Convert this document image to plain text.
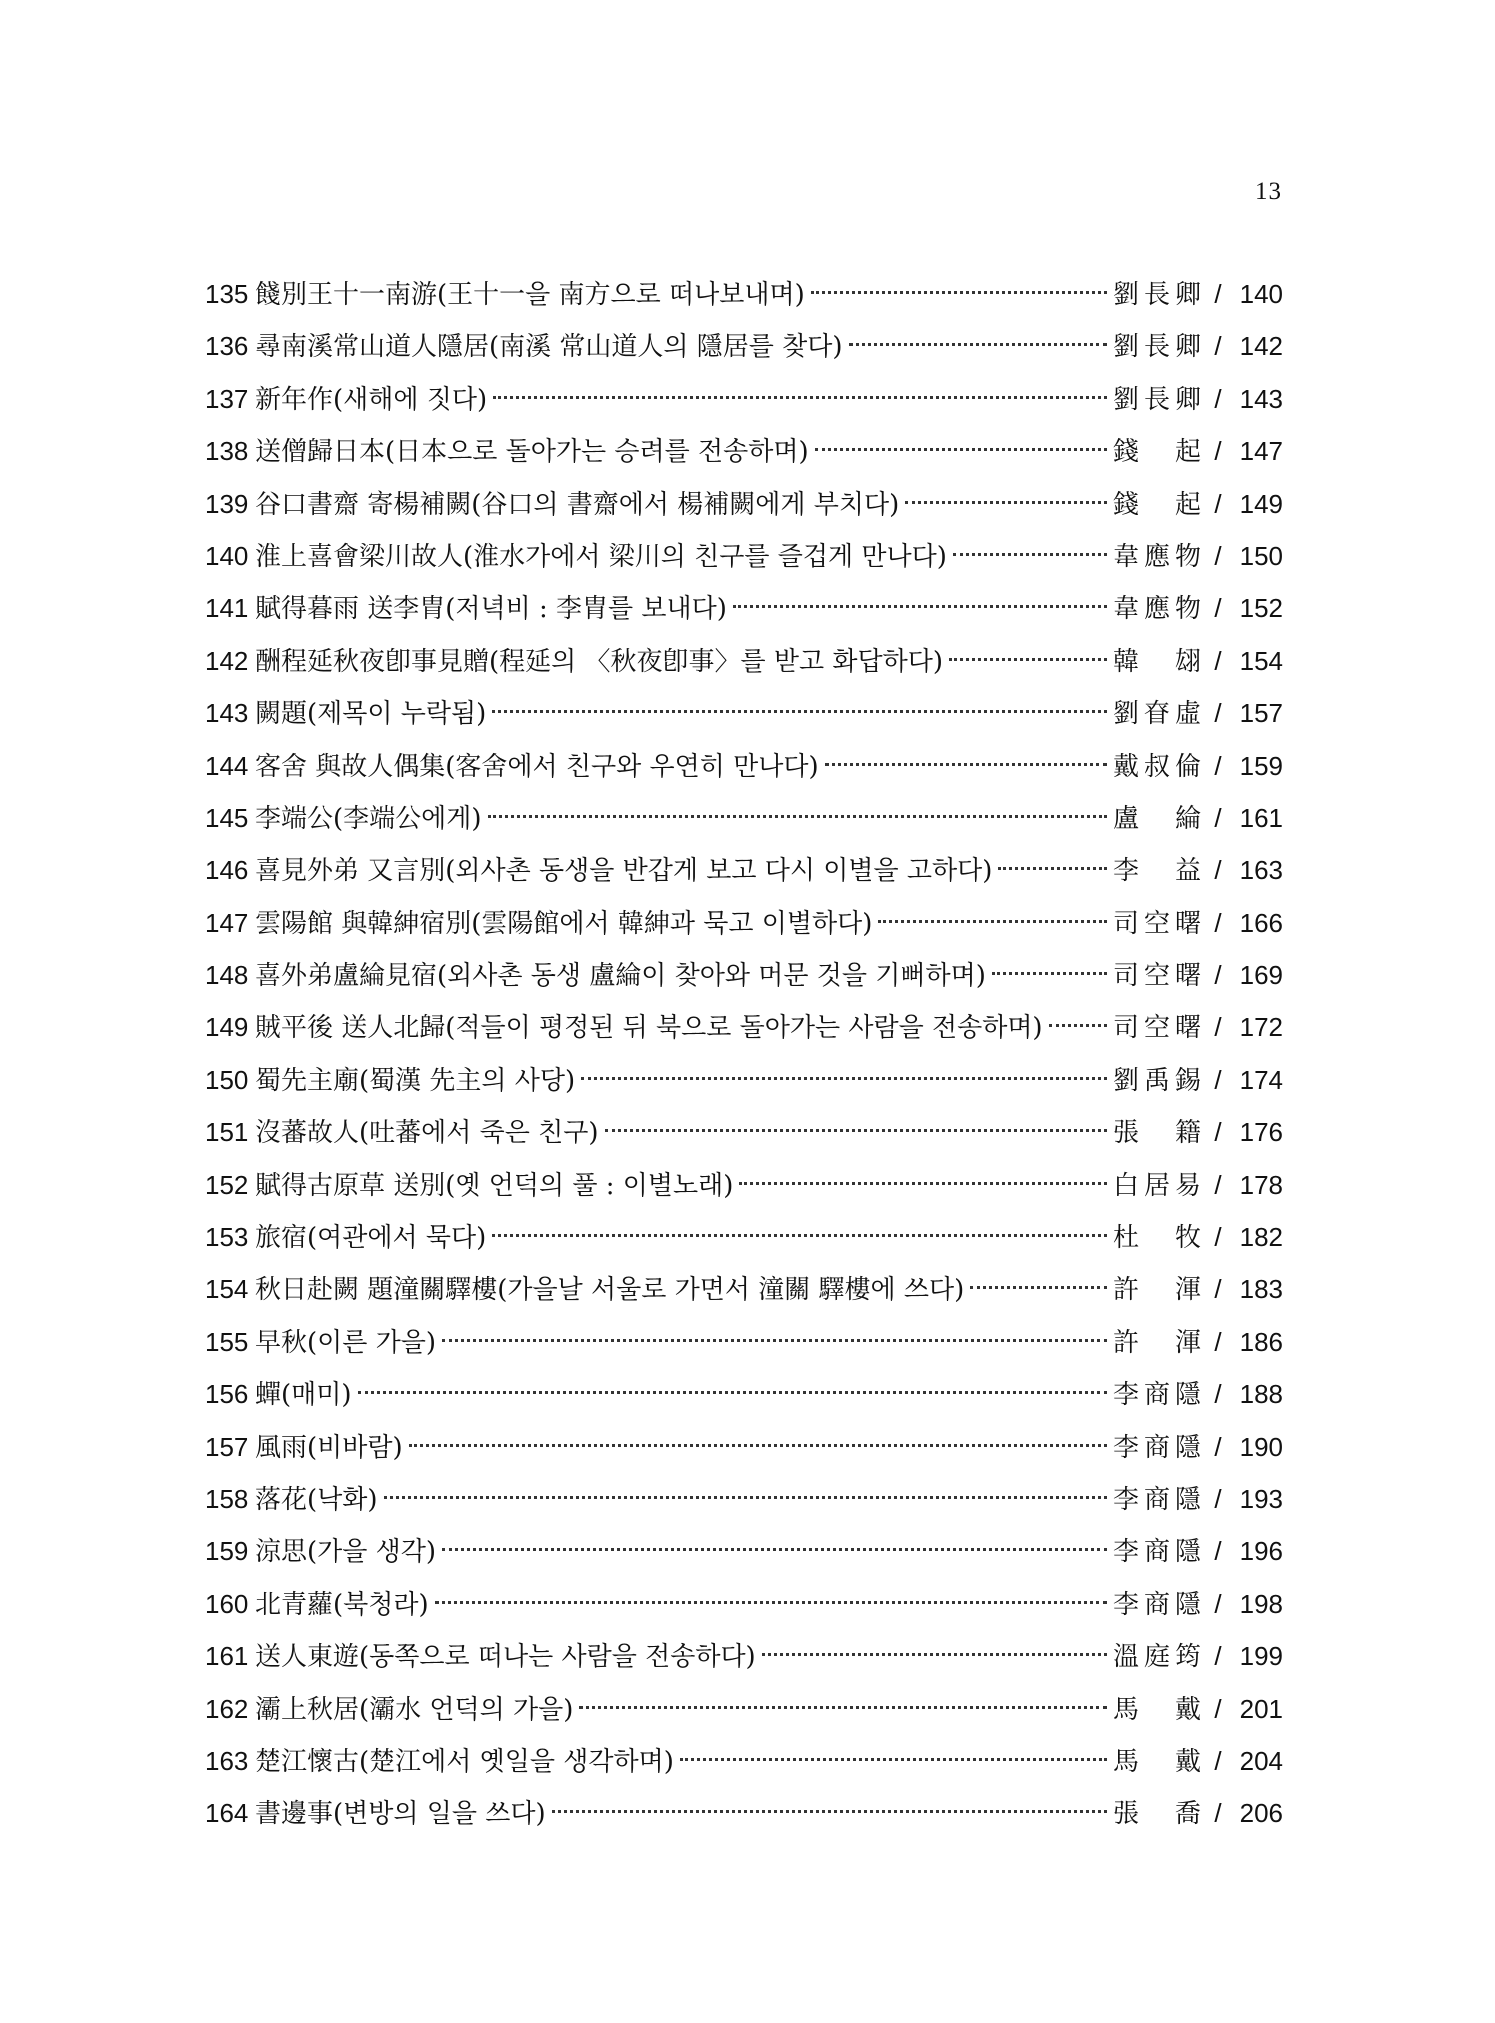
13
135 餞別王十一南游(王十一을 南方으로 떠나보내며)	劉長卿 / 140
136 尋南溪常山道人隱居(南溪 常山道人의 隱居를 찾다)	劉長卿 / 142
137 新年作(새해에 짓다)	劉長卿 / 143
138 送僧歸日本(日本으로 돌아가는 승려를 전송하며)	錢 起 / 147
139 谷口書齋 寄楊補闕(谷口의 書齋에서 楊補闕에게 부치다)	錢 起 / 149
140 淮上喜會梁川故人(淮水가에서 梁川의 친구를 즐겁게 만나다)	韋應物 / 150
141 賦得暮雨 送李胄(저녁비 : 李胄를 보내다)	韋應物 / 152
142 酬程延秋夜卽事見贈(程延의 〈秋夜卽事〉를 받고 화답하다)	韓 翃 / 154
143 闕題(제목이 누락됨)	劉眘虛 / 157
144 客舍 與故人偶集(客舍에서 친구와 우연히 만나다)	戴叔倫 / 159
145 李端公(李端公에게)	盧 綸 / 161
146 喜見外弟 又言別(외사촌 동생을 반갑게 보고 다시 이별을 고하다)	李 益 / 163
147 雲陽館 與韓紳宿別(雲陽館에서 韓紳과 묵고 이별하다)	司空曙 / 166
148 喜外弟盧綸見宿(외사촌 동생 盧綸이 찾아와 머문 것을 기뻐하며)	司空曙 / 169
149 賊平後 送人北歸(적들이 평정된 뒤 북으로 돌아가는 사람을 전송하며)	司空曙 / 172
150 蜀先主廟(蜀漢 先主의 사당)	劉禹錫 / 174
151 沒蕃故人(吐蕃에서 죽은 친구)	張 籍 / 176
152 賦得古原草 送別(옛 언덕의 풀 : 이별노래)	白居易 / 178
153 旅宿(여관에서 묵다)	杜 牧 / 182
154 秋日赴闕 題潼關驛樓(가을날 서울로 가면서 潼關 驛樓에 쓰다)	許 渾 / 183
155 早秋(이른 가을)	許 渾 / 186
156 蟬(매미)	李商隱 / 188
157 風雨(비바람)	李商隱 / 190
158 落花(낙화)	李商隱 / 193
159 涼思(가을 생각)	李商隱 / 196
160 北青蘿(북청라)	李商隱 / 198
161 送人東遊(동쪽으로 떠나는 사람을 전송하다)	溫庭筠 / 199
162 灞上秋居(灞水 언덕의 가을)	馬 戴 / 201
163 楚江懷古(楚江에서 옛일을 생각하며)	馬 戴 / 204
164 書邊事(변방의 일을 쓰다)	張 喬 / 206
